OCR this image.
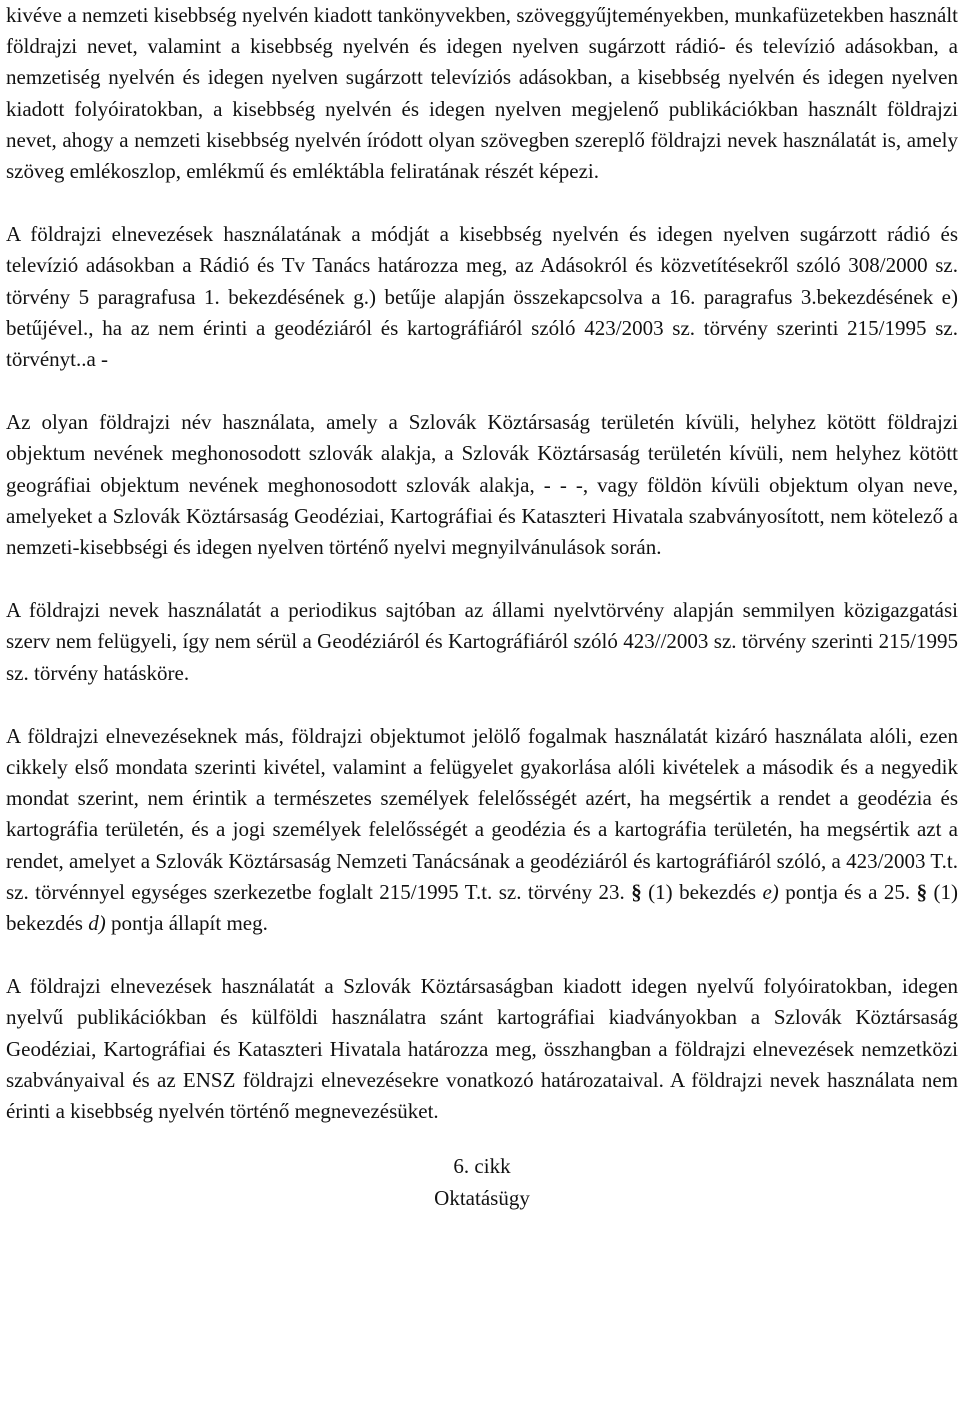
kivéve a nemzeti kisebbség nyelvén kiadott tankönyvekben, szöveggyűjteményekben, munkafüzetekben használt földrajzi nevet, valamint a kisebbség nyelvén és idegen nyelven sugárzott rádió- és televízió adásokban, a nemzetiség nyelvén és idegen nyelven sugárzott televíziós adásokban, a kisebbség nyelvén és idegen nyelven kiadott folyóiratokban, a kisebbség nyelvén és idegen nyelven megjelenő publikációkban használt földrajzi nevet, ahogy a nemzeti kisebbség nyelvén íródott olyan szövegben szereplő földrajzi nevek használatát is, amely szöveg emlékoszlop, emlékmű és emléktábla feliratának részét képezi.

A földrajzi elnevezések használatának a módját a kisebbség nyelvén és idegen nyelven sugárzott rádió és televízió adásokban a Rádió és Tv Tanács határozza meg, az Adásokról és közvetítésekről szóló 308/2000 sz. törvény 5 paragrafusa 1. bekezdésének g.) betűje alapján összekapcsolva a 16. paragrafus 3.bekezdésének e) betűjével., ha az nem érinti a geodéziáról és kartográfiáról szóló 423/2003 sz. törvény szerinti 215/1995 sz. törvényt..a -

Az olyan földrajzi név használata, amely a Szlovák Köztársaság területén kívüli, helyhez kötött földrajzi objektum nevének meghonosodott szlovák alakja, a Szlovák Köztársaság területén kívüli, nem helyhez kötött geográfiai objektum nevének meghonosodott szlovák alakja, - - -, vagy földön kívüli objektum olyan neve, amelyeket a Szlovák Köztársaság Geodéziai, Kartográfiai és Kataszteri Hivatala szabványosított, nem kötelező a nemzeti-kisebbségi és idegen nyelven történő nyelvi megnyilvánulások során.

A földrajzi nevek használatát a periodikus sajtóban az állami nyelvtörvény alapján semmilyen közigazgatási szerv nem felügyeli, így nem sérül a Geodéziáról és Kartográfiáról szóló 423//2003 sz. törvény szerinti 215/1995 sz. törvény hatásköre.

A földrajzi elnevezéseknek más, földrajzi objektumot jelölő fogalmak használatát kizáró használata alóli, ezen cikkely első mondata szerinti kivétel, valamint a felügyelet gyakorlása alóli kivételek a második és a negyedik mondat szerint, nem érintik a természetes személyek felelősségét azért, ha megsértik a rendet a geodézia és kartográfia területén, és a jogi személyek felelősségét a geodézia és a kartográfia területén, ha megsértik azt a rendet, amelyet a Szlovák Köztársaság Nemzeti Tanácsának a geodéziáról és kartográfiáról szóló, a 423/2003 T.t. sz. törvénnyel egységes szerkezetbe foglalt 215/1995 T.t. sz. törvény 23. § (1) bekezdés e) pontja és a 25. § (1) bekezdés d) pontja állapít meg.

A földrajzi elnevezések használatát a Szlovák Köztársaságban kiadott idegen nyelvű folyóiratokban, idegen nyelvű publikációkban és külföldi használatra szánt kartográfiai kiadványokban a Szlovák Köztársaság Geodéziai, Kartográfiai és Kataszteri Hivatala határozza meg, összhangban a földrajzi elnevezések nemzetközi szabványaival és az ENSZ földrajzi elnevezésekre vonatkozó határozataival. A földrajzi nevek használata nem érinti a kisebbség nyelvén történő megnevezésüket.

6. cikk

Oktatásügy
